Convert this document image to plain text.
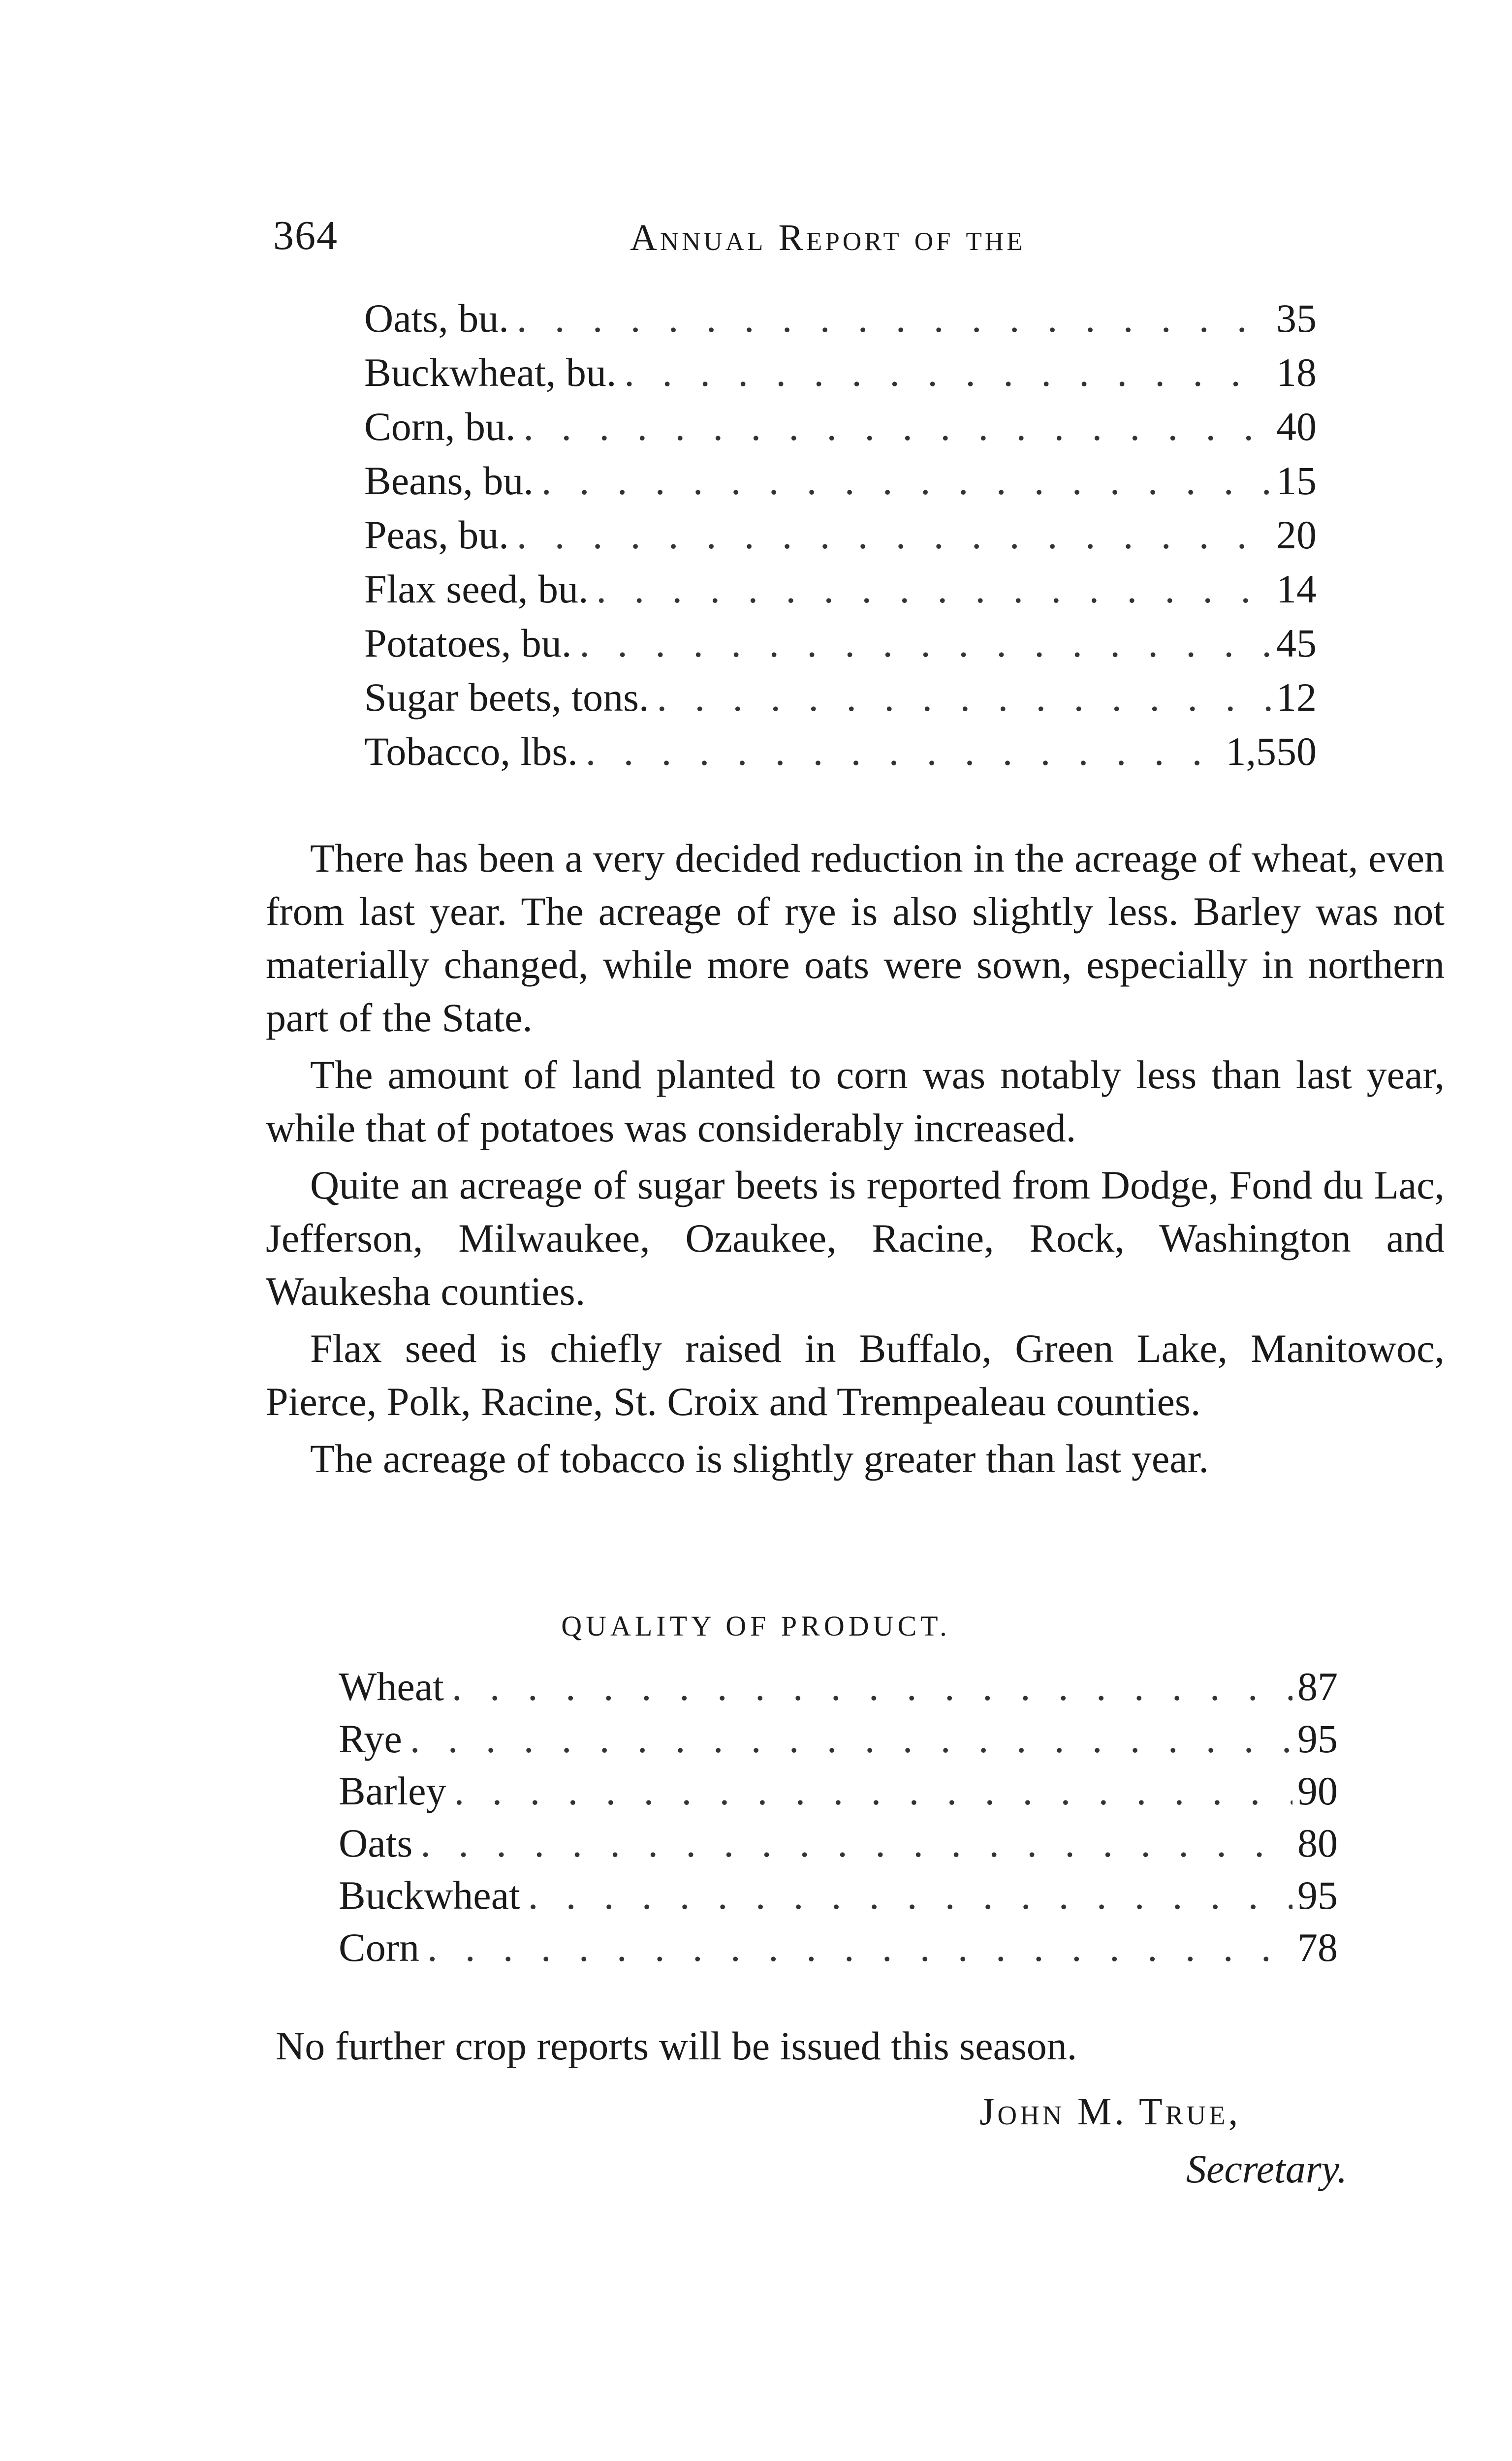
364	Annual Report of the
Oats, bu. . . .	35
Buckwheat, bu. . . .	18
Corn, bu. . . .	40
Beans, bu. . . .	15
Peas, bu. . . .	20
Flax seed, bu. . . .	14
Potatoes, bu. . . .	45
Sugar beets, tons. . . .	12
Tobacco, lbs. . . .	1,550

There has been a very decided reduction in the acreage of wheat, even from last year. The acreage of rye is also slightly less. Barley was not materially changed, while more oats were sown, especially in northern part of the State.

The amount of land planted to corn was notably less than last year, while that of potatoes was considerably increased.

Quite an acreage of sugar beets is reported from Dodge, Fond du Lac, Jefferson, Milwaukee, Ozaukee, Racine, Rock, Washington and Waukesha counties.

Flax seed is chiefly raised in Buffalo, Green Lake, Manitowoc, Pierce, Polk, Racine, St. Croix and Trempealeau counties.

The acreage of tobacco is slightly greater than last year.

QUALITY OF PRODUCT.
Wheat . . .	87
Rye . . .	95
Barley . . .	90
Oats . . .	80
Buckwheat . . .	95
Corn . . .	78
No further crop reports will be issued this season.
John M. True,
Secretary.
